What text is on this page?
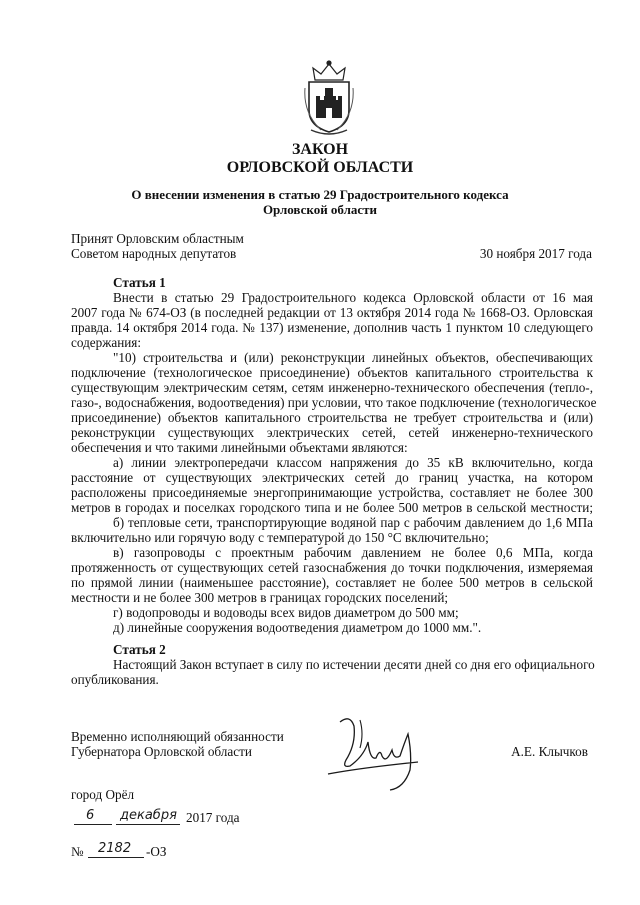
ЗАКОН
ОРЛОВСКОЙ ОБЛАСТИ
О внесении изменения в статью 29 Градостроительного кодекса
Орловской области
Принят Орловским областным
Советом народных депутатов	30 ноября 2017 года
Статья 1
Внести в статью 29 Градостроительного кодекса Орловской области от 16 мая
2007 года № 674-ОЗ (в последней редакции от 13 октября 2014 года № 1668-ОЗ. Орловская
правда. 14 октября 2014 года. № 137) изменение, дополнив часть 1 пунктом 10 следующего
содержания:
"10) строительства и (или) реконструкции линейных объектов, обеспечивающих
подключение (технологическое присоединение) объектов капитального строительства к
существующим электрическим сетям, сетям инженерно-технического обеспечения (тепло-,
газо-, водоснабжения, водоотведения) при условии, что такое подключение (технологическое
присоединение) объектов капитального строительства не требует строительства и (или)
реконструкции существующих электрических сетей, сетей инженерно-технического
обеспечения и что такими линейными объектами являются:
а) линии электропередачи классом напряжения до 35 кВ включительно, когда
расстояние от существующих электрических сетей до границ участка, на котором
расположены присоединяемые энергопринимающие устройства, составляет не более 300
метров в городах и поселках городского типа и не более 500 метров в сельской местности;
б) тепловые сети, транспортирующие водяной пар с рабочим давлением до 1,6 МПа
включительно или горячую воду с температурой до 150 °С включительно;
в) газопроводы с проектным рабочим давлением не более 0,6 МПа, когда
протяженность от существующих сетей газоснабжения до точки подключения, измеряемая
по прямой линии (наименьшее расстояние), составляет не более 500 метров в сельской
местности и не более 300 метров в границах городских поселений;
г) водопроводы и водоводы всех видов диаметром до 500 мм;
д) линейные сооружения водоотведения диаметром до 1000 мм.".
Статья 2
Настоящий Закон вступает в силу по истечении десяти дней со дня его официального
опубликования.
Временно исполняющий обязанности
Губернатора Орловской области	А.Е. Клычков
город Орёл
6 декабря 2017 года
№ 2182 -ОЗ
